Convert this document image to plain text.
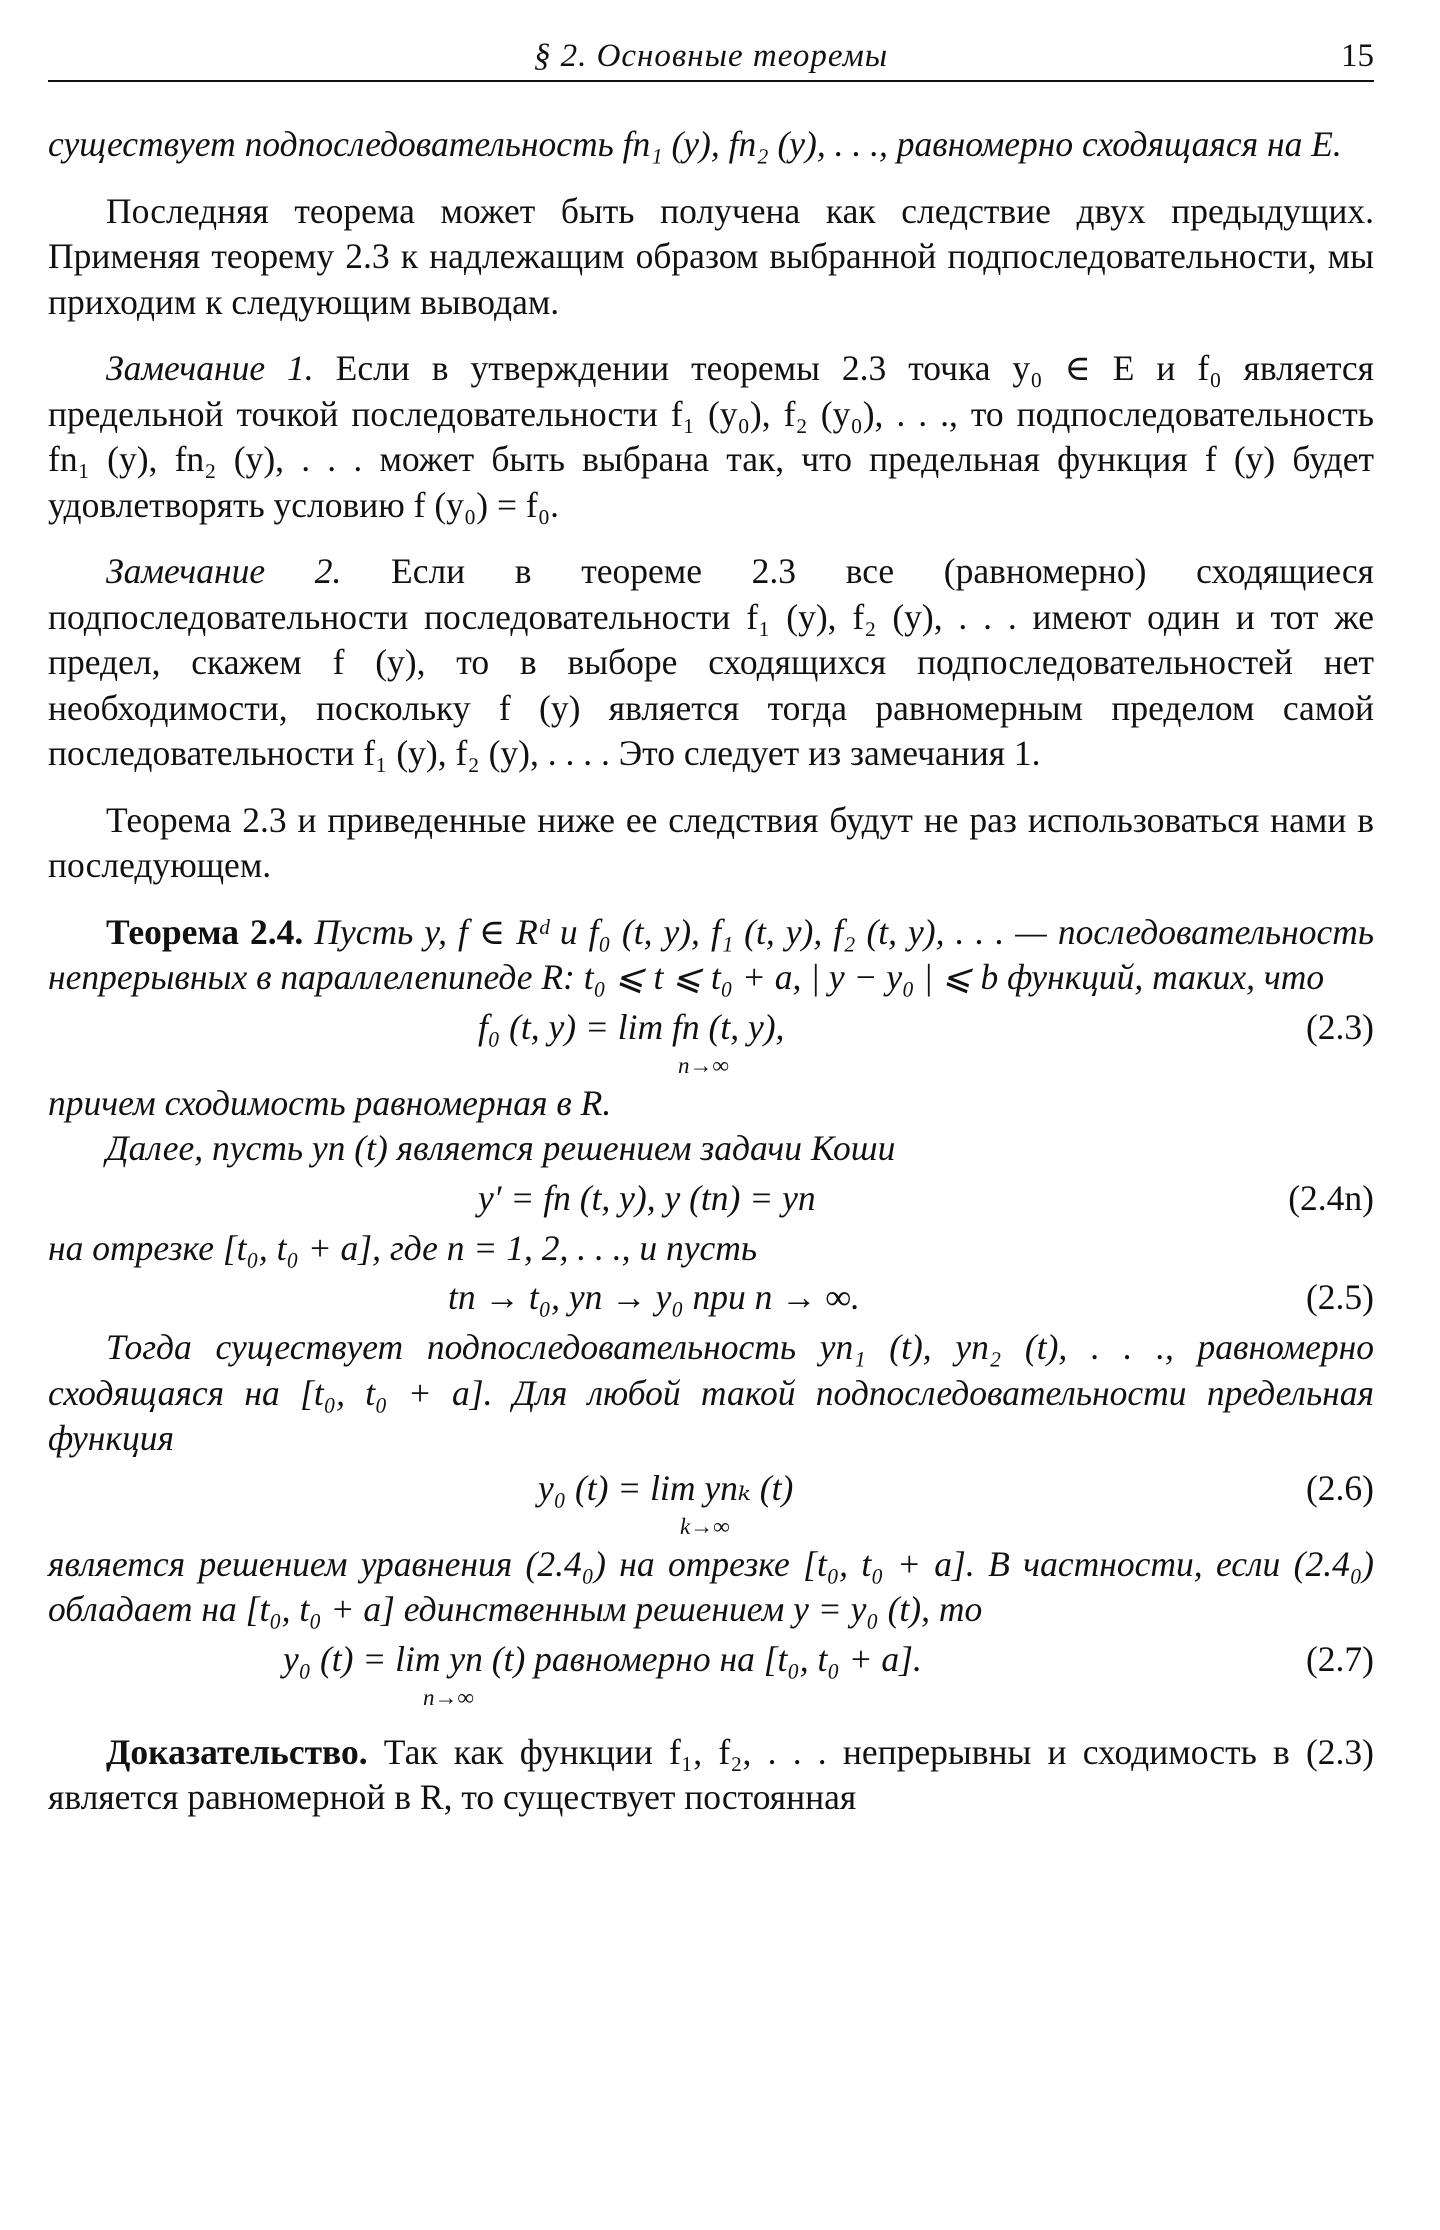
§ 2. Основные теоремы	15

существует подпоследовательность fn₁ (y), fn₂ (y), . . ., равномерно сходящаяся на E.

Последняя теорема может быть получена как следствие двух предыдущих. Применяя теорему 2.3 к надлежащим образом выбранной подпоследовательности, мы приходим к следующим выводам.

Замечание 1. Если в утверждении теоремы 2.3 точка y₀ ∈ E и f₀ является предельной точкой последовательности f₁ (y₀), f₂ (y₀), . . ., то подпоследовательность fn₁ (y), fn₂ (y), . . . может быть выбрана так, что предельная функция f (y) будет удовлетворять условию f (y₀) = f₀.

Замечание 2. Если в теореме 2.3 все (равномерно) сходящиеся подпоследовательности последовательности f₁ (y), f₂ (y), . . . имеют один и тот же предел, скажем f (y), то в выборе сходящихся подпоследовательностей нет необходимости, поскольку f (y) является тогда равномерным пределом самой последовательности f₁ (y), f₂ (y), . . . . Это следует из замечания 1.

Теорема 2.3 и приведенные ниже ее следствия будут не раз использоваться нами в последующем.

Теорема 2.4. Пусть y, f ∈ Rᵈ и f₀ (t, y), f₁ (t, y), f₂ (t, y), . . . — последовательность непрерывных в параллелепипеде R: t₀ ⩽ t ⩽ t₀ + a, | y − y₀ | ⩽ b функций, таких, что

f₀ (t, y) = lim fn (t, y),
n→∞
(2.3)

причем сходимость равномерная в R.

Далее, пусть yn (t) является решением задачи Коши

y′ = fn (t, y), y (tn) = yn	(2.4n)

на отрезке [t₀, t₀ + a], где n = 1, 2, . . ., и пусть

tn → t₀, yn → y₀ при n → ∞.	(2.5)

Тогда существует подпоследовательность yn₁ (t), yn₂ (t), . . ., равномерно сходящаяся на [t₀, t₀ + a]. Для любой такой подпоследовательности предельная функция

y₀ (t) = lim ynₖ (t)
k→∞
(2.6)

является решением уравнения (2.4₀) на отрезке [t₀, t₀ + a]. В частности, если (2.4₀) обладает на [t₀, t₀ + a] единственным решением y = y₀ (t), то

y₀ (t) = lim yn (t) равномерно на [t₀, t₀ + a].
n→∞
(2.7)

Доказательство. Так как функции f₁, f₂, . . . непрерывны и сходимость в (2.3) является равномерной в R, то существует постоянная
